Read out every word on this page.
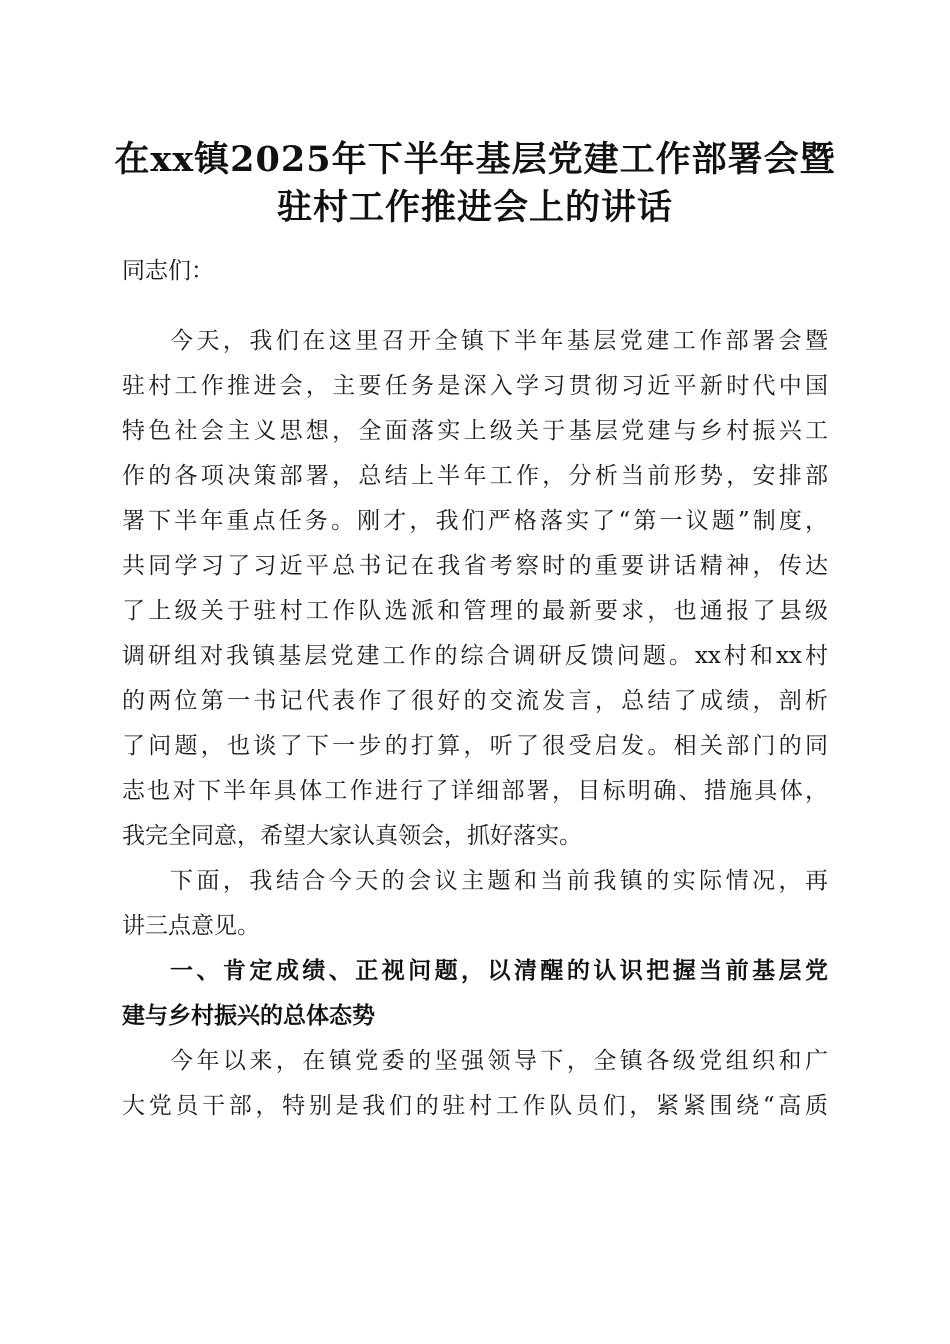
在xx镇2025年下半年基层党建工作部署会暨
驻村工作推进会上的讲话

同志们：

今天，我们在这里召开全镇下半年基层党建工作部署会暨

驻村工作推进会，主要任务是深入学习贯彻习近平新时代中国

特色社会主义思想，全面落实上级关于基层党建与乡村振兴工

作的各项决策部署，总结上半年工作，分析当前形势，安排部

署下半年重点任务。刚才，我们严格落实了“第一议题”制度，

共同学习了习近平总书记在我省考察时的重要讲话精神，传达

了上级关于驻村工作队选派和管理的最新要求，也通报了县级

调研组对我镇基层党建工作的综合调研反馈问题。xx村和xx村

的两位第一书记代表作了很好的交流发言，总结了成绩，剖析

了问题，也谈了下一步的打算，听了很受启发。相关部门的同

志也对下半年具体工作进行了详细部署，目标明确、措施具体，

我完全同意，希望大家认真领会，抓好落实。

下面，我结合今天的会议主题和当前我镇的实际情况，再

讲三点意见。

一、肯定成绩、正视问题，以清醒的认识把握当前基层党

建与乡村振兴的总体态势

今年以来，在镇党委的坚强领导下，全镇各级党组织和广

大党员干部，特别是我们的驻村工作队员们，紧紧围绕“高质
